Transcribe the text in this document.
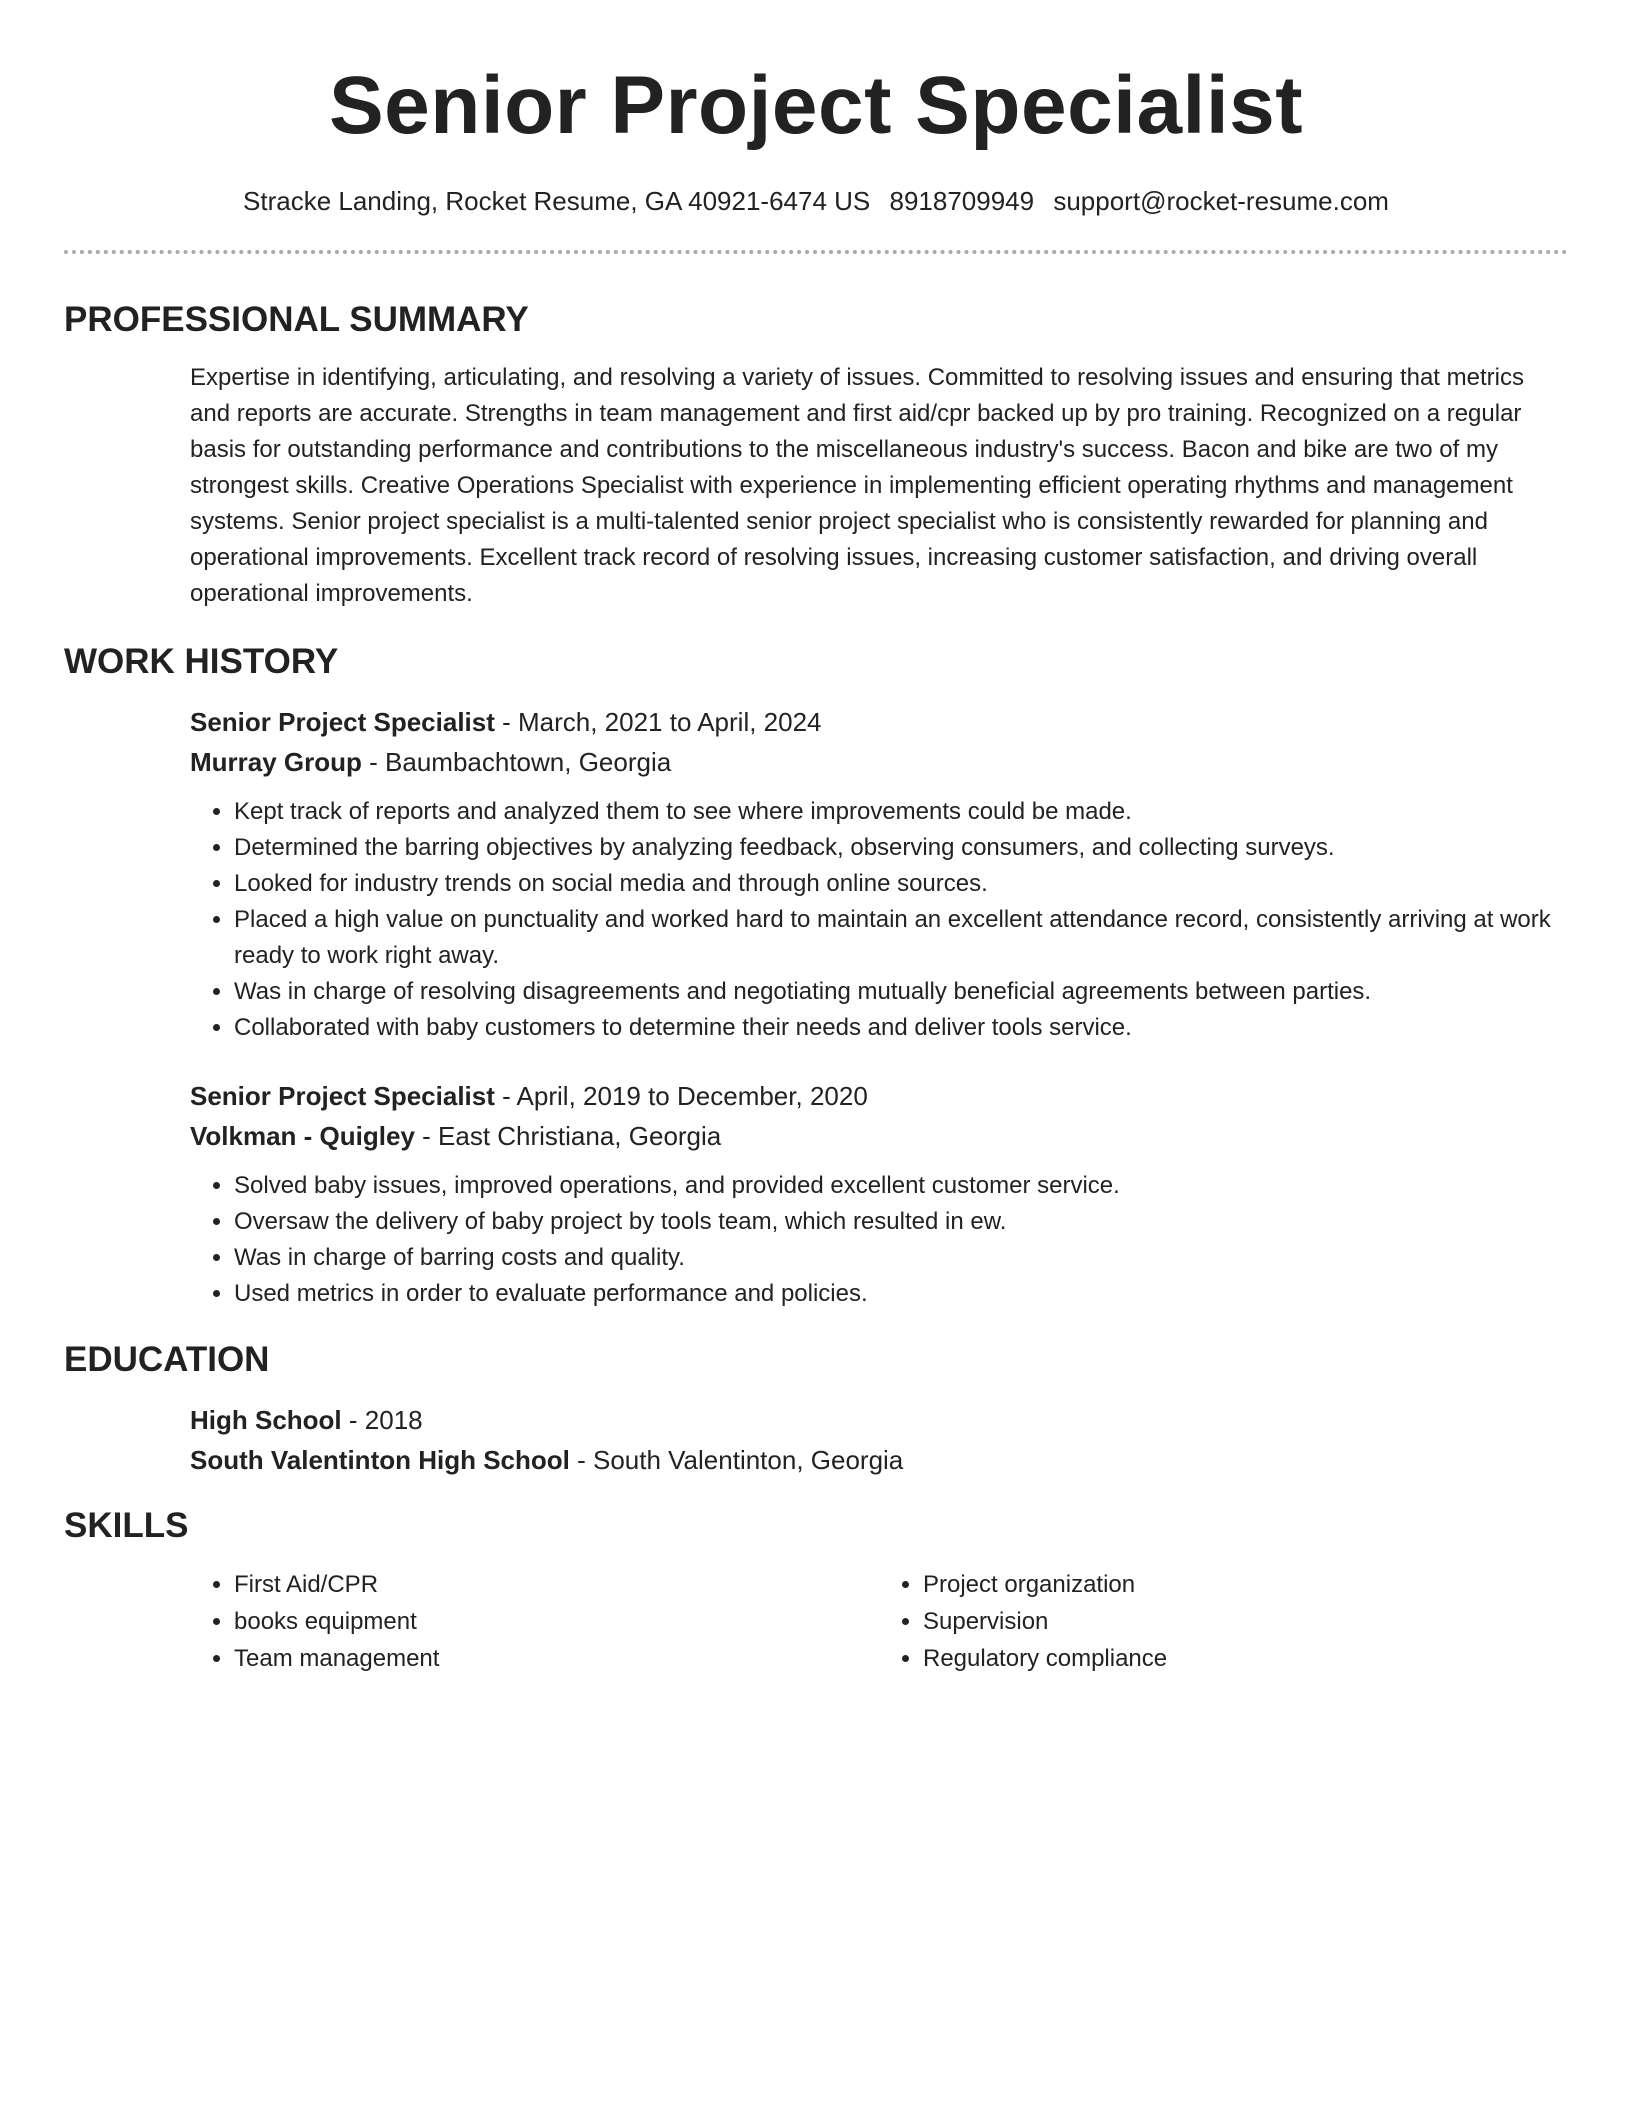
Senior Project Specialist
Stracke Landing, Rocket Resume, GA 40921-6474 US 8918709949 support@rocket-resume.com
PROFESSIONAL SUMMARY

Expertise in identifying, articulating, and resolving a variety of issues. Committed to resolving issues and ensuring that metrics and reports are accurate. Strengths in team management and first aid/cpr backed up by pro training. Recognized on a regular basis for outstanding performance and contributions to the miscellaneous industry's success. Bacon and bike are two of my strongest skills. Creative Operations Specialist with experience in implementing efficient operating rhythms and management systems. Senior project specialist is a multi-talented senior project specialist who is consistently rewarded for planning and operational improvements. Excellent track record of resolving issues, increasing customer satisfaction, and driving overall operational improvements.

WORK HISTORY

Senior Project Specialist - March, 2021 to April, 2024

Murray Group - Baumbachtown, Georgia

• Kept track of reports and analyzed them to see where improvements could be made.
• Determined the barring objectives by analyzing feedback, observing consumers, and collecting surveys.
• Looked for industry trends on social media and through online sources.
• Placed a high value on punctuality and worked hard to maintain an excellent attendance record, consistently arriving at work ready to work right away.
• Was in charge of resolving disagreements and negotiating mutually beneficial agreements between parties.
• Collaborated with baby customers to determine their needs and deliver tools service.

Senior Project Specialist - April, 2019 to December, 2020

Volkman - Quigley - East Christiana, Georgia

• Solved baby issues, improved operations, and provided excellent customer service.
• Oversaw the delivery of baby project by tools team, which resulted in ew.
• Was in charge of barring costs and quality.
• Used metrics in order to evaluate performance and policies.
EDUCATION

High School - 2018

South Valentinton High School - South Valentinton, Georgia

SKILLS
• First Aid/CPR
• books equipment
• Team management
• Project organization
• Supervision
• Regulatory compliance
